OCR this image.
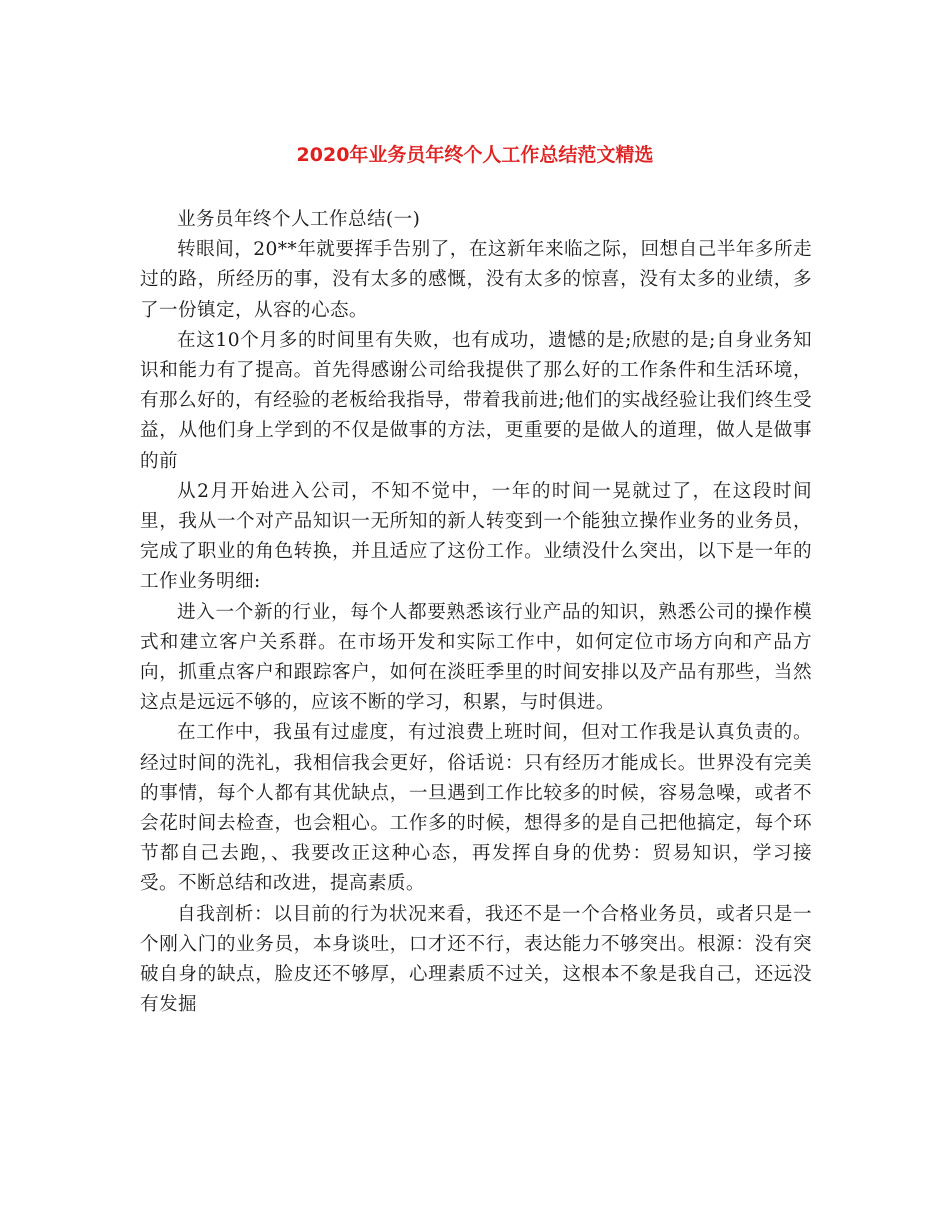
2020年业务员年终个人工作总结范文精选

业务员年终个人工作总结(一)

转眼间，20**年就要挥手告别了，在这新年来临之际，回想自己半年多所走过的路，所经历的事，没有太多的感慨，没有太多的惊喜，没有太多的业绩，多了一份镇定，从容的心态。

在这10个月多的时间里有失败，也有成功，遗憾的是;欣慰的是;自身业务知识和能力有了提高。首先得感谢公司给我提供了那么好的工作条件和生活环境，有那么好的，有经验的老板给我指导，带着我前进;他们的实战经验让我们终生受益，从他们身上学到的不仅是做事的方法，更重要的是做人的道理，做人是做事的前

从2月开始进入公司，不知不觉中，一年的时间一晃就过了，在这段时间里，我从一个对产品知识一无所知的新人转变到一个能独立操作业务的业务员，完成了职业的角色转换，并且适应了这份工作。业绩没什么突出，以下是一年的工作业务明细:

进入一个新的行业，每个人都要熟悉该行业产品的知识，熟悉公司的操作模式和建立客户关系群。在市场开发和实际工作中，如何定位市场方向和产品方向，抓重点客户和跟踪客户，如何在淡旺季里的时间安排以及产品有那些，当然这点是远远不够的，应该不断的学习，积累，与时俱进。

在工作中，我虽有过虚度，有过浪费上班时间，但对工作我是认真负责的。经过时间的洗礼，我相信我会更好，俗话说：只有经历才能成长。世界没有完美的事情，每个人都有其优缺点，一旦遇到工作比较多的时候，容易急噪，或者不会花时间去检查，也会粗心。工作多的时候，想得多的是自己把他搞定，每个环节都自己去跑，、我要改正这种心态，再发挥自身的优势：贸易知识，学习接受。不断总结和改进，提高素质。

自我剖析：以目前的行为状况来看，我还不是一个合格业务员，或者只是一个刚入门的业务员，本身谈吐，口才还不行，表达能力不够突出。根源：没有突破自身的缺点，脸皮还不够厚，心理素质不过关，这根本不象是我自己，还远没有发掘
